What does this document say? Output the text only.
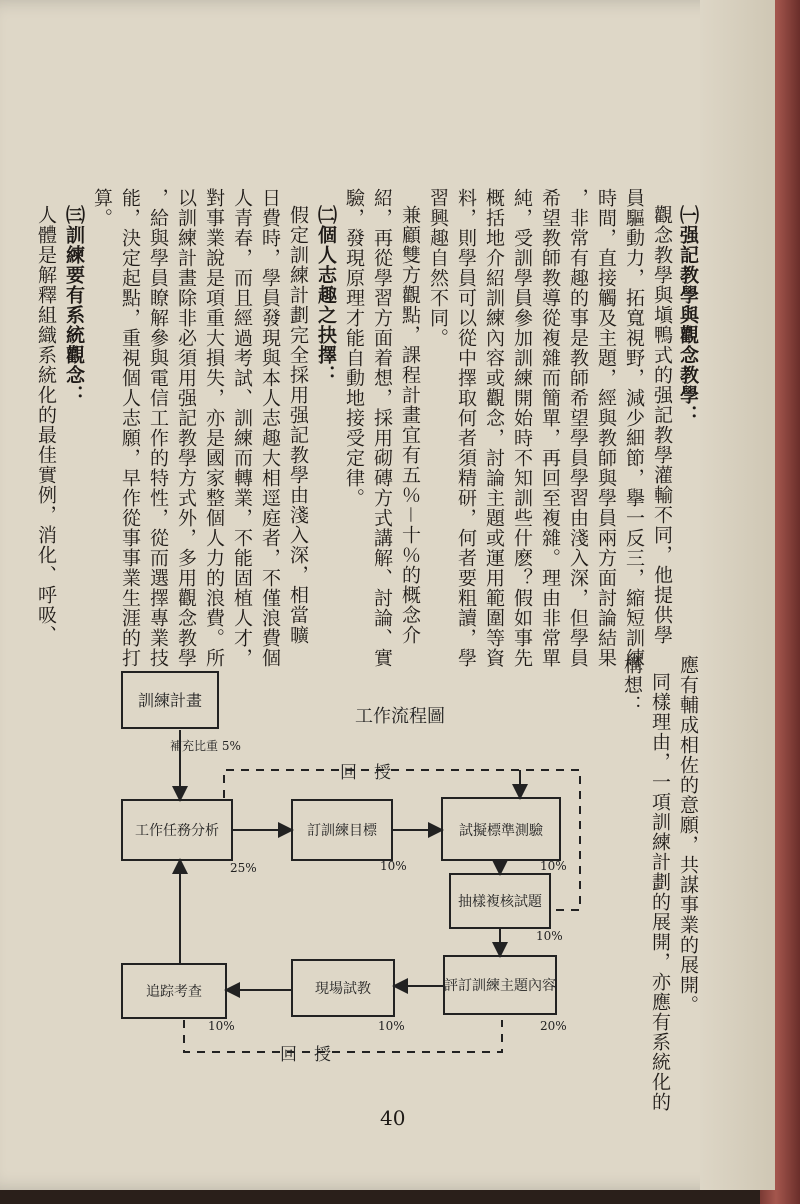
㈠强記教學與觀念教學：
觀念教學與塡鴨式的强記教學灌輸不同，他提供學
員驅動力，拓寬視野，減少細節，擧一反三，縮短訓練
時間，直接觸及主題，經與教師與學員兩方面討論結果
，非常有趣的事是教師希望學員學習由淺入深，但學員
希望教師教導從複雜而簡單，再回至複雜。理由非常單
純，受訓學員參加訓練開始時不知訓些什麽？假如事先
概括地介紹訓練內容或觀念，討論主題或運用範圍等資
料，則學員可以從中擇取何者須精研，何者要粗讀，學
習興趣自然不同。
兼顧雙方觀點，課程計畫宜有五％－十％的概念介
紹，再從學習方面着想，採用砌磚方式講解、討論、實
驗，發現原理才能自動地接受定律。
㈡個人志趣之抉擇：
假定訓練計劃完全採用强記教學由淺入深，相當曠
日費時，學員發現與本人志趣大相逕庭者，不僅浪費個
人青春，而且經過考試、訓練而轉業，不能固植人才，
對事業說是項重大損失，亦是國家整個人力的浪費。所
以訓練計畫除非必須用强記教學方式外，多用觀念教學
，給與學員瞭解參與電信工作的特性，從而選擇專業技
能，決定起點，重視個人志願，早作從事事業生涯的打
算。
㈢訓練要有系統觀念：
人體是解釋組織系統化的最佳實例，消化、呼吸、
應有輔成相佐的意願，共謀事業的展開。
同樣理由，一項訓練計劃的展開，亦應有系統化的
構想：
工作流程圖
訓練計畫
補充比重 5%
工作任務分析
25%
訂訓練目標
10%
試擬標準測驗
10%
抽樣複核試題
10%
評訂訓練主題內容
20%
現場試教
10%
追踪考查
10%
回　授
回　授
40
